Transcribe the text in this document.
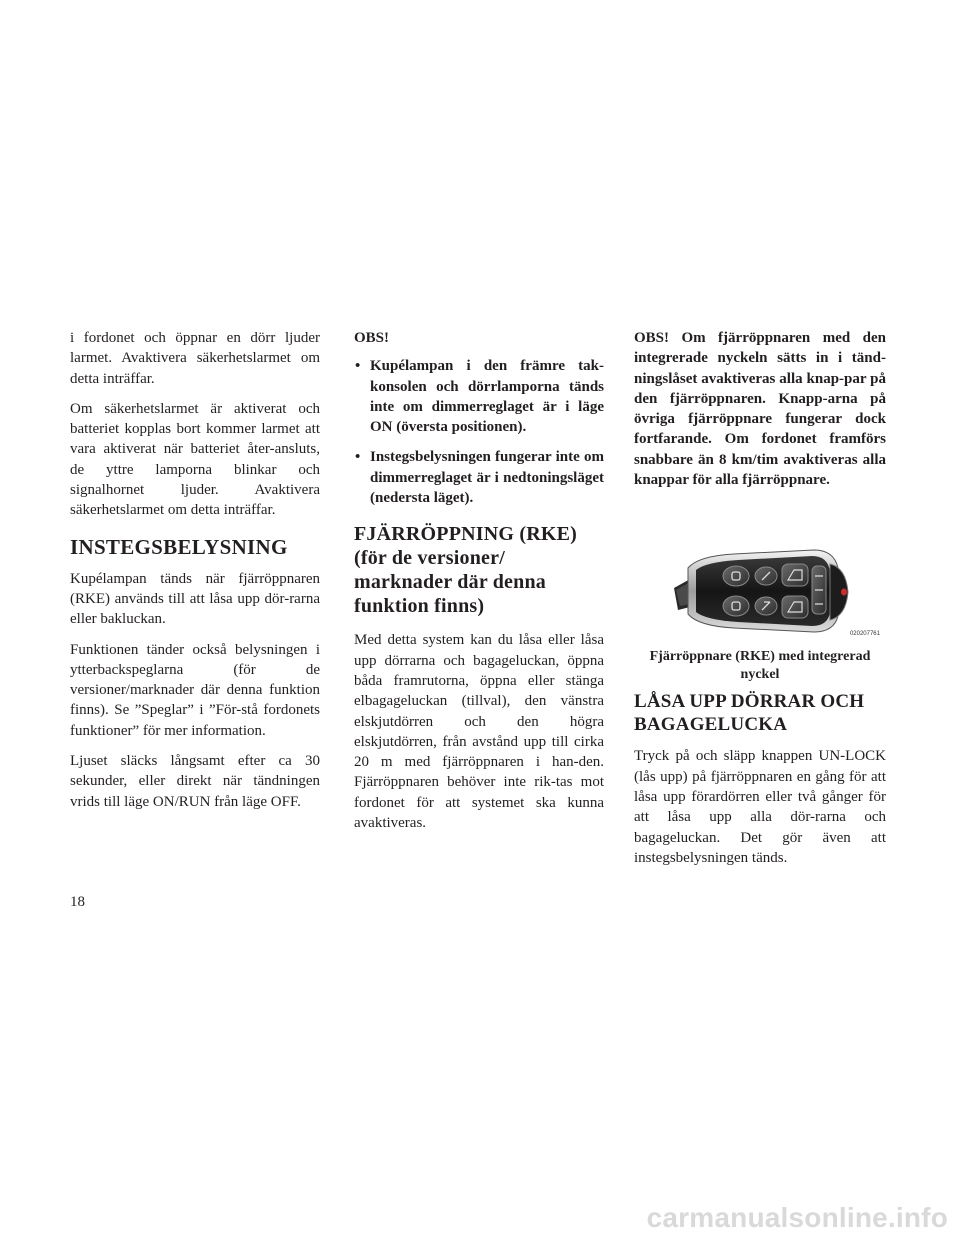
i fordonet och öppnar en dörr ljuder larmet. Avaktivera säkerhetslarmet om detta inträffar.

Om säkerhetslarmet är aktiverat och batteriet kopplas bort kommer larmet att vara aktiverat när batteriet åter-ansluts, de yttre lamporna blinkar och signalhornet ljuder. Avaktivera säkerhetslarmet om detta inträffar.

INSTEGSBELYSNING

Kupélampan tänds när fjärröppnaren (RKE) används till att låsa upp dör-rarna eller bakluckan.

Funktionen tänder också belysningen i ytterbackspeglarna (för de versioner/marknader där denna funktion finns). Se ”Speglar” i ”För-stå fordonets funktioner” för mer information.

Ljuset släcks långsamt efter ca 30 sekunder, eller direkt när tändningen vrids till läge ON/RUN från läge OFF.

OBS!

• Kupélampan i den främre tak-konsolen och dörrlamporna tänds inte om dimmerreglaget är i läge ON (översta positionen).
• Instegsbelysningen fungerar inte om dimmerreglaget är i nedtoningsläget (nedersta läget).
FJÄRRÖPPNING (RKE)
(för de versioner/
marknader där denna
funktion finns)

Med detta system kan du låsa eller låsa upp dörrarna och bagageluckan, öppna båda framrutorna, öppna eller stänga elbagageluckan (tillval), den vänstra elskjutdörren och den högra elskjutdörren, från avstånd upp till cirka 20 m med fjärröppnaren i han-den. Fjärröppnaren behöver inte rik-tas mot fordonet för att systemet ska kunna avaktiveras.

OBS! Om fjärröppnaren med den integrerade nyckeln sätts in i tänd-ningslåset avaktiveras alla knap-par på den fjärröppnaren. Knapp-arna på övriga fjärröppnare fungerar dock fortfarande. Om fordonet framförs snabbare än 8 km/tim avaktiveras alla knappar för alla fjärröppnare.

020207761
Fjärröppnare (RKE) med integrerad nyckel
LÅSA UPP DÖRRAR OCH
BAGAGELUCKA

Tryck på och släpp knappen UN-LOCK (lås upp) på fjärröppnaren en gång för att låsa upp förardörren eller två gånger för att låsa upp alla dör-rarna och bagageluckan. Det gör även att instegsbelysningen tänds.

18
carmanualsonline.info
